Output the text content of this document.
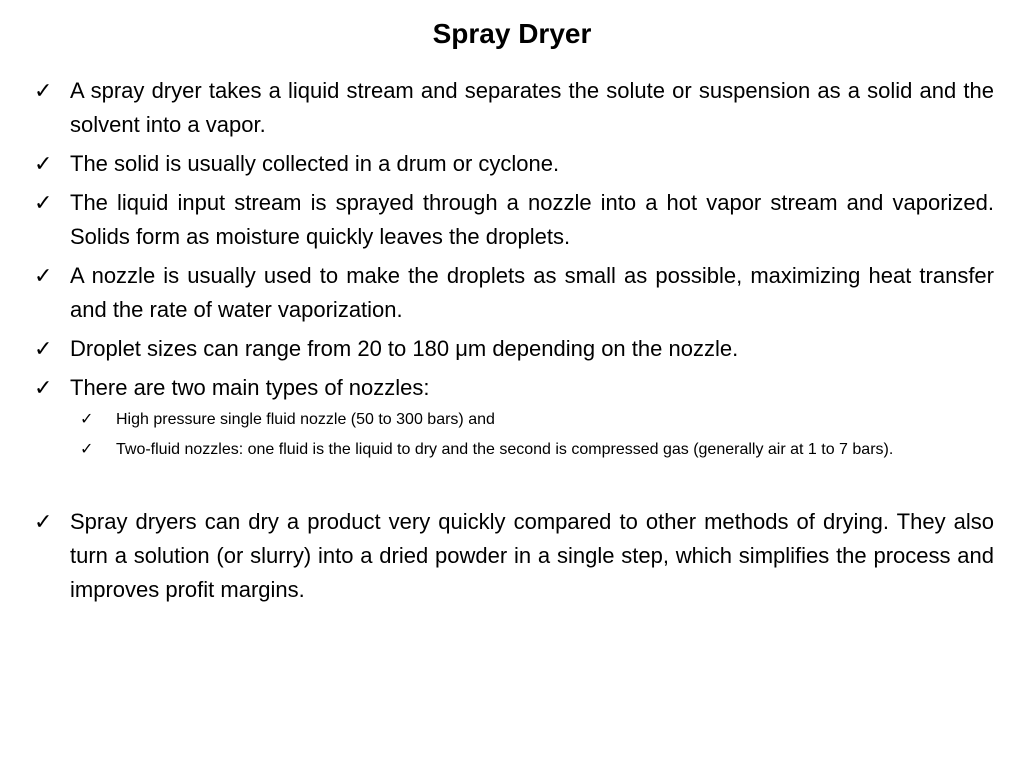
Spray Dryer
✓ A spray dryer takes a liquid stream and separates the solute or suspension as a solid and the solvent into a vapor.
✓ The solid is usually collected in a drum or cyclone.
✓ The liquid input stream is sprayed through a nozzle into a hot vapor stream and vaporized. Solids form as moisture quickly leaves the droplets.
✓ A nozzle is usually used to make the droplets as small as possible, maximizing heat transfer and the rate of water vaporization.
✓ Droplet sizes can range from 20 to 180 μm depending on the nozzle.
✓ There are two main types of nozzles:
✓	High pressure single fluid nozzle (50 to 300 bars) and
✓	Two-fluid nozzles: one fluid is the liquid to dry and the second is compressed gas (generally air at 1 to 7 bars).
✓ Spray dryers can dry a product very quickly compared to other methods of drying. They also turn a solution (or slurry) into a dried powder in a single step, which simplifies the process and improves profit margins.
